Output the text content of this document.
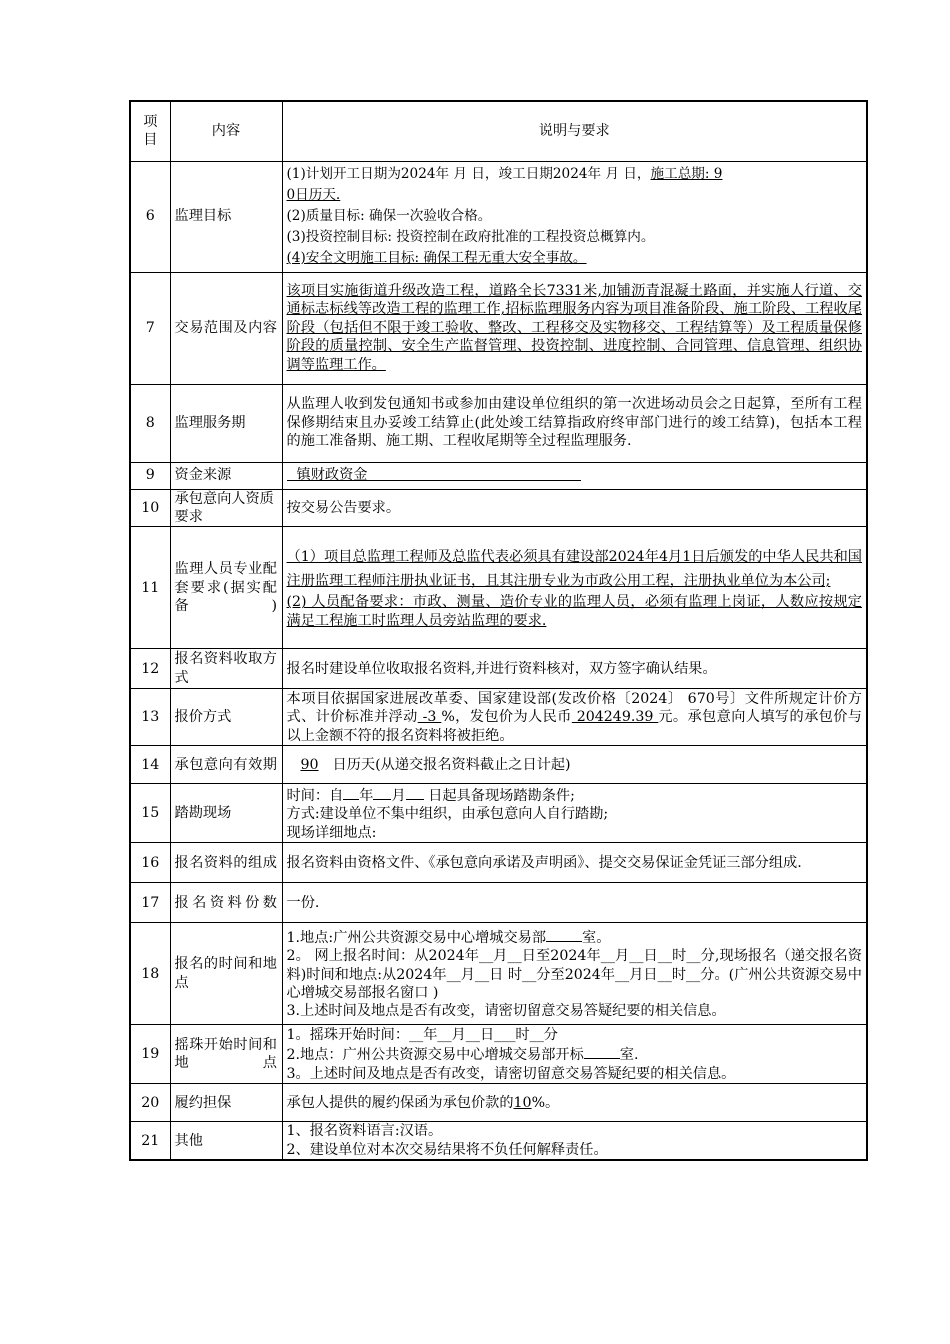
项目	内容	说明与要求
6	监理目标	(1)计划开工日期为2024年 月 日，竣工日期2024年 月 日，施工总期: 9
0日历天.
(2)质量目标: 确保一次验收合格。
(3)投资控制目标: 投资控制在政府批准的工程投资总概算内。
(4)安全文明施工目标: 确保工程无重大安全事故。

7	交易范围及内容	该项目实施街道升级改造工程，道路全长7331米,加铺沥青混凝土路面，并实施人行道、交通标志标线等改造工程的监理工作,招标监理服务内容为项目准备阶段、施工阶段、工程收尾阶段（包括但不限于竣工验收、整改、工程移交及实物移交、工程结算等）及工程质量保修阶段的质量控制、安全生产监督管理、投资控制、进度控制、合同管理、信息管理、组织协调等监理工作。
8	监理服务期	从监理人收到发包通知书或参加由建设单位组织的第一次进场动员会之日起算，至所有工程保修期结束且办妥竣工结算止(此处竣工结算指政府终审部门进行的竣工结算)，包括本工程的施工准备期、施工期、工程收尾期等全过程监理服务.
9	资金来源	镇财政资金
10	承包意向人资质要求	按交易公告要求。
11	监理人员专业配套要求(据实配备)	（1）项目总监理工程师及总监代表必须具有建设部2024年4月1日后颁发的中华人民共和国注册监理工程师注册执业证书，且其注册专业为市政公用工程，注册执业单位为本公司;
(2) 人员配备要求：市政、测量、造价专业的监理人员，必须有监理上岗证，人数应按规定满足工程施工时监理人员旁站监理的要求.

12	报名资料收取方式	报名时建设单位收取报名资料,并进行资料核对，双方签字确认结果。
13	报价方式	本项目依据国家进展改革委、国家建设部(发改价格〔2024〕 670号〕文件所规定计价方式、计价标准并浮动 -3 %，发包价为人民币 204249.39 元。承包意向人填写的承包价与以上金额不符的报名资料将被拒绝。
14	承包意向有效期	90 日历天(从递交报名资料截止之日计起)
15	踏勘现场	时间：自 年 月 日起具备现场踏勘条件;
方式:建设单位不集中组织，由承包意向人自行踏勘;
现场详细地点:

16	报名资料的组成	报名资料由资格文件、《承包意向承诺及声明函》、提交交易保证金凭证三部分组成.
17	报名资料份数	一份.
18	报名的时间和地点	1.地点:广州公共资源交易中心增城交易部 室。
2。 网上报名时间：从2024年__月__日至2024年__月__日__时__分,现场报名（递交报名资料)时间和地点:从2024年__月__日 时__分至2024年__月日__时__分。(广州公共资源交易中心增城交易部报名窗口 )
3.上述时间及地点是否有改变，请密切留意交易答疑纪要的相关信息。

19	摇珠开始时间和地点	1。摇珠开始时间：__年__月__日___时__分
2.地点：广州公共资源交易中心增城交易部开标 室.
3。上述时间及地点是否有改变，请密切留意交易答疑纪要的相关信息。

20	履约担保	承包人提供的履约保函为承包价款的10%。
21	其他	1、报名资料语言:汉语。
2、建设单位对本次交易结果将不负任何解释责任。
